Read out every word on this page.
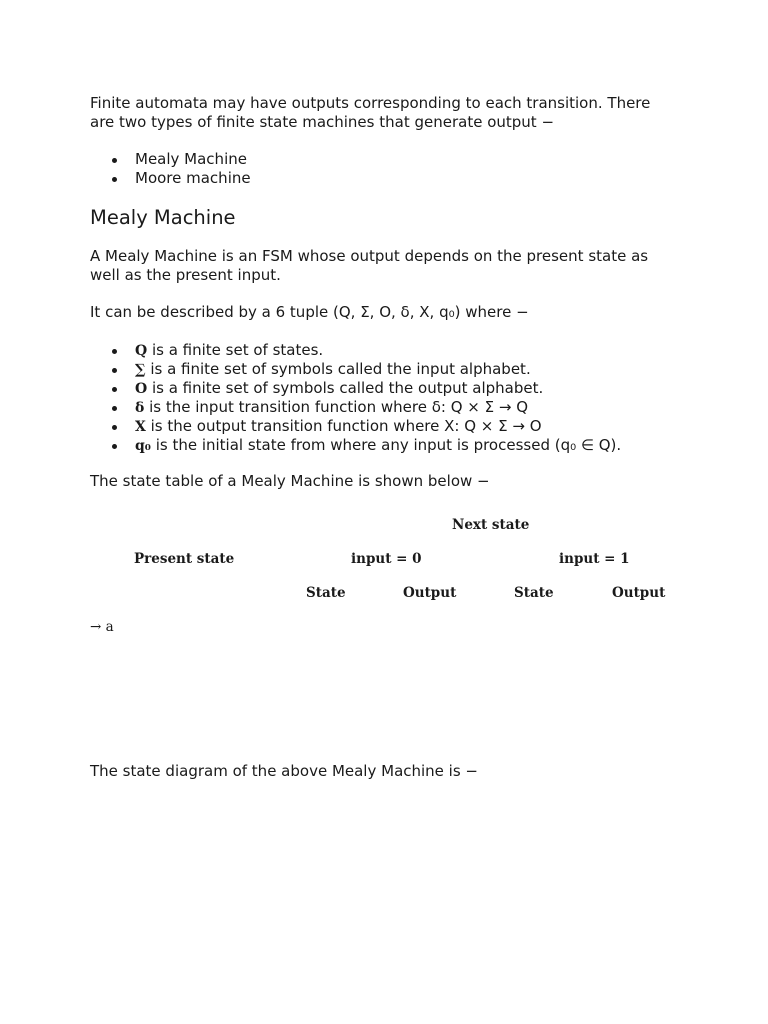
Finite automata may have outputs corresponding to each transition. There
are two types of finite state machines that generate output −
Mealy Machine
Moore machine
Mealy Machine
A Mealy Machine is an FSM whose output depends on the present state as
well as the present input.
It can be described by a 6 tuple (Q, Σ, O, δ, X, q₀) where −
Q is a finite set of states.
∑ is a finite set of symbols called the input alphabet.
O is a finite set of symbols called the output alphabet.
δ is the input transition function where δ: Q × Σ → Q
X is the output transition function where X: Q × Σ → O
q₀ is the initial state from where any input is processed (q₀ ∈ Q).
The state table of a Mealy Machine is shown below −
Next state
Present state	input = 0	input = 1
State	Output	State	Output
→ a
The state diagram of the above Mealy Machine is −
